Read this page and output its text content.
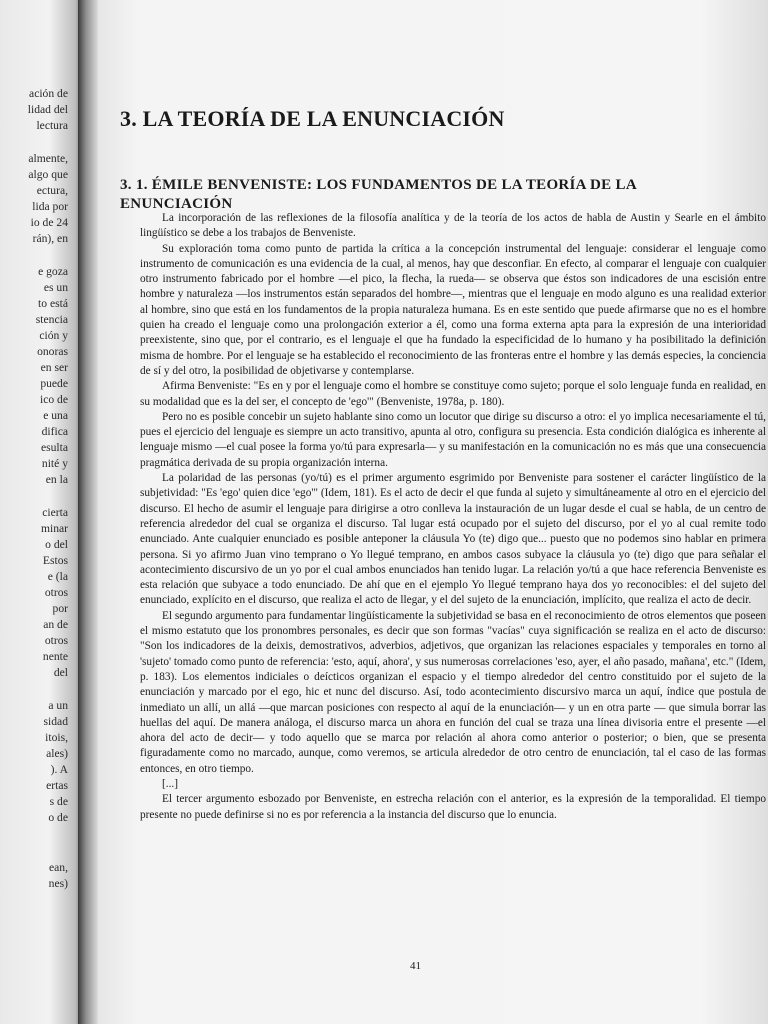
ación de
lidad del
lectura
almente,
algo que
ectura,
lida por
io de 24
rán), en
e goza
es un
to está
stencia
ción y
onoras
en ser
puede
ico de
e una
difica
esulta
nité y
en la
cierta
minar
o del
Estos
e (la
otros
por
an de
otros
nente
del
a un
sidad
itois,
ales)
). A
ertas
s de
o de
ean,
nes)
3. LA TEORÍA DE LA ENUNCIACIÓN
3. 1. ÉMILE BENVENISTE: LOS FUNDAMENTOS DE LA TEORÍA DE LA ENUNCIACIÓN

La incorporación de las reflexiones de la filosofía analítica y de la teoría de los actos de habla de Austin y Searle en el ámbito lingüístico se debe a los trabajos de Benveniste.

Su exploración toma como punto de partida la crítica a la concepción instrumental del lenguaje: considerar el lenguaje como instrumento de comunicación es una evidencia de la cual, al menos, hay que desconfiar. En efecto, al comparar el lenguaje con cualquier otro instrumento fabricado por el hombre —el pico, la flecha, la rueda— se observa que éstos son indicadores de una escisión entre hombre y naturaleza —los instrumentos están separados del hombre—, mientras que el lenguaje en modo alguno es una realidad exterior al hombre, sino que está en los fundamentos de la propia naturaleza humana. Es en este sentido que puede afirmarse que no es el hombre quien ha creado el lenguaje como una prolongación exterior a él, como una forma externa apta para la expresión de una interioridad preexistente, sino que, por el contrario, es el lenguaje el que ha fundado la especificidad de lo humano y ha posibilitado la definición misma de hombre. Por el lenguaje se ha establecido el reconocimiento de las fronteras entre el hombre y las demás especies, la conciencia de sí y del otro, la posibilidad de objetivarse y contemplarse.

Afirma Benveniste: "Es en y por el lenguaje como el hombre se constituye como sujeto; porque el solo lenguaje funda en realidad, en su modalidad que es la del ser, el concepto de 'ego'" (Benveniste, 1978a, p. 180).

Pero no es posible concebir un sujeto hablante sino como un locutor que dirige su discurso a otro: el yo implica necesariamente el tú, pues el ejercicio del lenguaje es siempre un acto transitivo, apunta al otro, configura su presencia. Esta condición dialógica es inherente al lenguaje mismo —el cual posee la forma yo/tú para expresarla— y su manifestación en la comunicación no es más que una consecuencia pragmática derivada de su propia organización interna.

La polaridad de las personas (yo/tú) es el primer argumento esgrimido por Benveniste para sostener el carácter lingüístico de la subjetividad: "Es 'ego' quien dice 'ego'" (Idem, 181). Es el acto de decir el que funda al sujeto y simultáneamente al otro en el ejercicio del discurso. El hecho de asumir el lenguaje para dirigirse a otro conlleva la instauración de un lugar desde el cual se habla, de un centro de referencia alrededor del cual se organiza el discurso. Tal lugar está ocupado por el sujeto del discurso, por el yo al cual remite todo enunciado. Ante cualquier enunciado es posible anteponer la cláusula Yo (te) digo que... puesto que no podemos sino hablar en primera persona. Si yo afirmo Juan vino temprano o Yo llegué temprano, en ambos casos subyace la cláusula yo (te) digo que para señalar el acontecimiento discursivo de un yo por el cual ambos enunciados han tenido lugar. La relación yo/tú a que hace referencia Benveniste es esta relación que subyace a todo enunciado. De ahí que en el ejemplo Yo llegué temprano haya dos yo reconocibles: el del sujeto del enunciado, explícito en el discurso, que realiza el acto de llegar, y el del sujeto de la enunciación, implícito, que realiza el acto de decir.

El segundo argumento para fundamentar lingüísticamente la subjetividad se basa en el reconocimiento de otros elementos que poseen el mismo estatuto que los pronombres personales, es decir que son formas "vacías" cuya significación se realiza en el acto de discurso: "Son los indicadores de la deixis, demostrativos, adverbios, adjetivos, que organizan las relaciones espaciales y temporales en torno al 'sujeto' tomado como punto de referencia: 'esto, aquí, ahora', y sus numerosas correlaciones 'eso, ayer, el año pasado, mañana', etc." (Idem, p. 183). Los elementos indiciales o deícticos organizan el espacio y el tiempo alrededor del centro constituido por el sujeto de la enunciación y marcado por el ego, hic et nunc del discurso. Así, todo acontecimiento discursivo marca un aquí, índice que postula de inmediato un allí, un allá —que marcan posiciones con respecto al aquí de la enunciación— y un en otra parte — que simula borrar las huellas del aquí. De manera análoga, el discurso marca un ahora en función del cual se traza una línea divisoria entre el presente —el ahora del acto de decir— y todo aquello que se marca por relación al ahora como anterior o posterior; o bien, que se presenta figuradamente como no marcado, aunque, como veremos, se articula alrededor de otro centro de enunciación, tal el caso de las formas entonces, en otro tiempo.

[...]

El tercer argumento esbozado por Benveniste, en estrecha relación con el anterior, es la expresión de la temporalidad. El tiempo presente no puede definirse si no es por referencia a la instancia del discurso que lo enuncia.

41
